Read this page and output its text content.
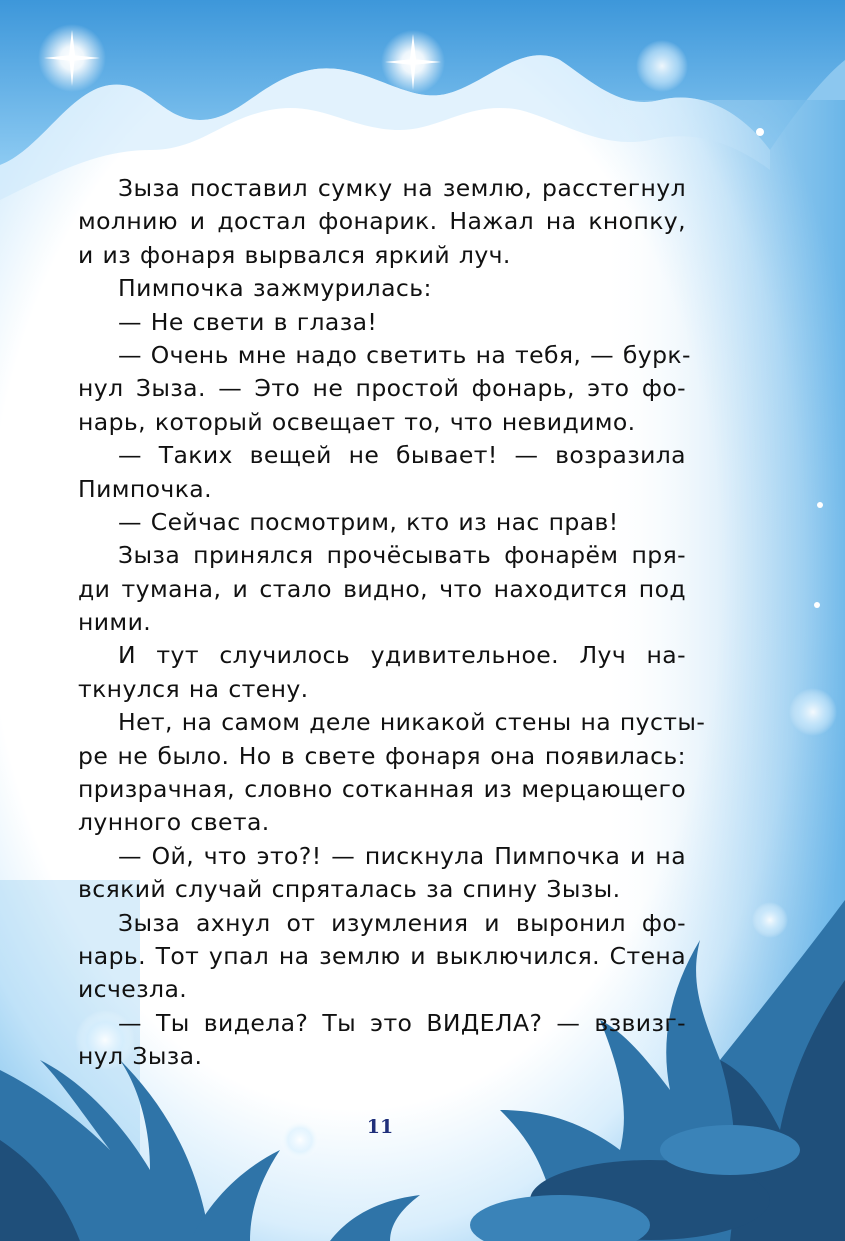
Зыза поставил сумку на землю, расстегнул
молнию и достал фонарик. Нажал на кнопку,
и из фонаря вырвался яркий луч.
Пимпочка зажмурилась:
— Не свети в глаза!
— Очень мне надо светить на тебя, — бурк-
нул Зыза. — Это не простой фонарь, это фо-
нарь, который освещает то, что невидимо.
— Таких вещей не бывает! — возразила
Пимпочка.
— Сейчас посмотрим, кто из нас прав!
Зыза принялся прочёсывать фонарём пря-
ди тумана, и стало видно, что находится под
ними.
И тут случилось удивительное. Луч на-
ткнулся на стену.
Нет, на самом деле никакой стены на пусты-
ре не было. Но в свете фонаря она появилась:
призрачная, словно сотканная из мерцающего
лунного света.
— Ой, что это?! — пискнула Пимпочка и на
всякий случай спряталась за спину Зызы.
Зыза ахнул от изумления и выронил фо-
нарь. Тот упал на землю и выключился. Стена
исчезла.
— Ты видела? Ты это ВИДЕЛА? — взвизг-
нул Зыза.
11
